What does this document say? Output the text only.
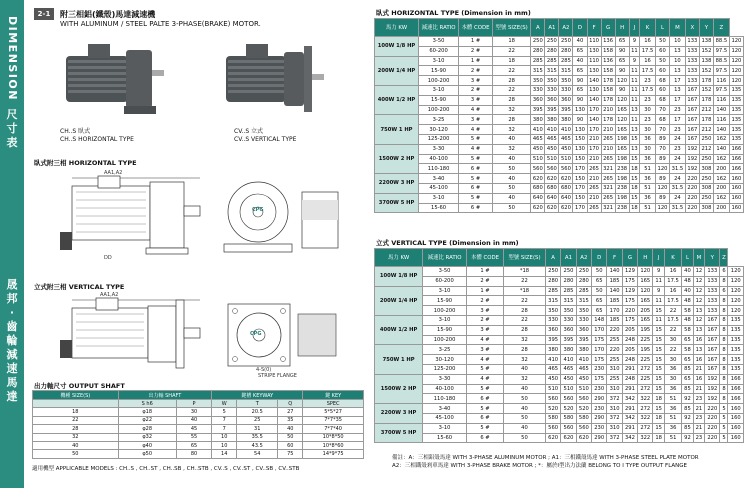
DIMENSION
尺
寸
表
晟
邦
·
齒
輪
減
速
馬
達
2-1	附三相鋁(鐵殼)馬達減速機
WITH ALUMINUM / STEEL PALTE 3-PHASE(BRAKE) MOTOR.
CH..S 臥式
CH..S HORIZONTAL TYPE
CV..S 立式
CV..S VERTICAL TYPE
臥式附三相 HORIZONTAL TYPE
AA1,A2
DD
CPG
立式附三相 VERTICAL TYPE
AA1,A2
4-S(0)
STRIPE FLANGE
CPG
出力軸尺寸 OUTPUT SHAFT
機種 SIZE(S)	出力軸 SHAFT		鍵槽 KEYWAY			鍵 KEY
	S h6	P	W	T	Q	SPEC
18	φ18	30	5	20.5	27	5*5*27
22	φ22	40	7	25	35	7*7*35
28	φ28	45	7	31	40	7*7*40
32	φ32	55	10	35.5	50	10*8*50
40	φ40	65	10	43.5	60	10*8*60
50	φ50	80	14	54	75	14*9*75
適用機型 APPLICABLE MODELS : CH..S , CH..ST , CH..SB , CH..STB , CV..S , CV..ST , CV..SB , CV..STB
臥式 HORIZONTAL TYPE (Dimension in mm)
馬力 KW	減速比 RATIO	本體 CODE	型號 SIZE(S)	A	A1	A2	D	F	G	H	J	K	L	M	X	Y	Z	
100W 1/8 HP	3-50	1 #	18	250	250	250	40	110	136	65	9	16	50	10	133	138	88.5	120
	60-200	2 #	22	280	280	280	65	130	158	90	11	17.5	60	13	133	152	97.5	120
200W 1/4 HP	3-10	1 #	18	285	285	285	40	110	136	65	9	16	50	10	133	138	88.5	120
	15-90	2 #	22	315	315	315	65	130	158	90	11	17.5	60	13	133	152	97.5	120
	100-200	3 #	28	350	350	350	90	140	178	120	11	23	68	17	133	178	116	120
400W 1/2 HP	3-10	2 #	22	330	330	330	65	130	158	90	11	17.5	60	13	167	152	97.5	135
	15-90	3 #	28	360	360	360	90	140	178	120	11	23	68	17	167	178	116	135
	100-200	4 #	32	395	395	395	130	170	210	165	13	30	70	23	167	212	140	135
750W 1 HP	3-25	3 #	28	380	380	380	90	140	178	120	11	23	68	17	167	178	116	135
	30-120	4 #	32	410	410	410	130	170	210	165	13	30	70	23	167	212	140	135
	125-200	5 #	40	465	465	465	150	210	265	198	15	36	89	24	167	250	162	135
1500W 2 HP	3-30	4 #	32	450	450	450	130	170	210	165	13	30	70	23	192	212	140	166
	40-100	5 #	40	510	510	510	150	210	265	198	15	36	89	24	192	250	162	166
	110-180	6 #	50	560	560	560	170	265	321	238	18	51	120	31.5	192	308	200	166
2200W 3 HP	3-40	5 #	40	620	620	620	150	210	265	198	15	36	89	24	220	250	162	160
	45-100	6 #	50	680	680	680	170	265	321	238	18	51	120	31.5	220	308	200	160
3700W 5 HP	3-10	5 #	40	640	640	640	150	210	265	198	15	36	89	24	220	250	162	160
	15-60	6 #	50	620	620	620	170	265	321	238	18	51	120	31.5	220	308	200	160
立式 VERTICAL TYPE (Dimension in mm)
馬力 KW	減速比 RATIO	本體 CODE	型號 SIZE(S)	A	A1	A2	D	F	G	H	J	K	L	M	Y	Z	
100W 1/8 HP	3-50	1 #	*18	250	250	250	50	140	129	120	9	16	40	12	133	6	120
	60-200	2 #	22	280	280	280	65	185	175	165	11	17.5	48	12	133	8	120
200W 1/4 HP	3-10	1 #	*18	285	285	285	50	140	129	120	9	16	40	12	133	6	120
	15-90	2 #	22	315	315	315	65	185	175	165	11	17.5	48	12	133	8	120
	100-200	3 #	28	350	350	350	65	170	220	205	15	22	58	13	133	8	120
400W 1/2 HP	3-10	2 #	22	330	330	330	148	185	175	165	11	17.5	48	12	167	8	135
	15-90	3 #	28	360	360	360	170	220	205	195	15	22	58	13	167	8	135
	100-200	4 #	32	395	395	395	175	255	248	225	15	30	65	16	167	8	135
750W 1 HP	3-25	3 #	28	380	380	380	170	220	205	195	15	22	58	13	167	8	135
	30-120	4 #	32	410	410	410	175	255	248	225	15	30	65	16	167	8	135
	125-200	5 #	40	465	465	465	230	310	291	272	15	36	85	21	167	8	135
1500W 2 HP	3-30	4 #	32	450	450	450	175	255	248	225	15	30	65	16	192	8	166
	40-100	5 #	40	510	510	510	230	310	291	272	15	36	85	21	192	8	166
	110-180	6 #	50	560	560	560	290	372	342	322	18	51	92	23	192	8	166
2200W 3 HP	3-40	5 #	40	520	520	520	230	310	291	272	15	36	85	21	220	5	160
	45-100	6 #	50	580	580	580	290	372	342	322	18	51	92	23	220	5	160
3700W 5 HP	3-10	5 #	40	560	560	560	230	310	291	272	15	36	85	21	220	5	160
	15-60	6 #	50	620	620	620	290	372	342	322	18	51	92	23	220	5	160
備註：A：三相鋁殼馬達 WITH 3-PHASE ALUMINUM MOTOR ; A1：三相鐵殼馬達 WITH 3-PHASE STEEL PLATE MOTOR
A2：三相鐵殼剎車馬達 WITH 3-PHASE BRAKE MOTOR ; *：屬於I型出力法蘭 BELONG TO I TYPE OUTPUT FLANGE
